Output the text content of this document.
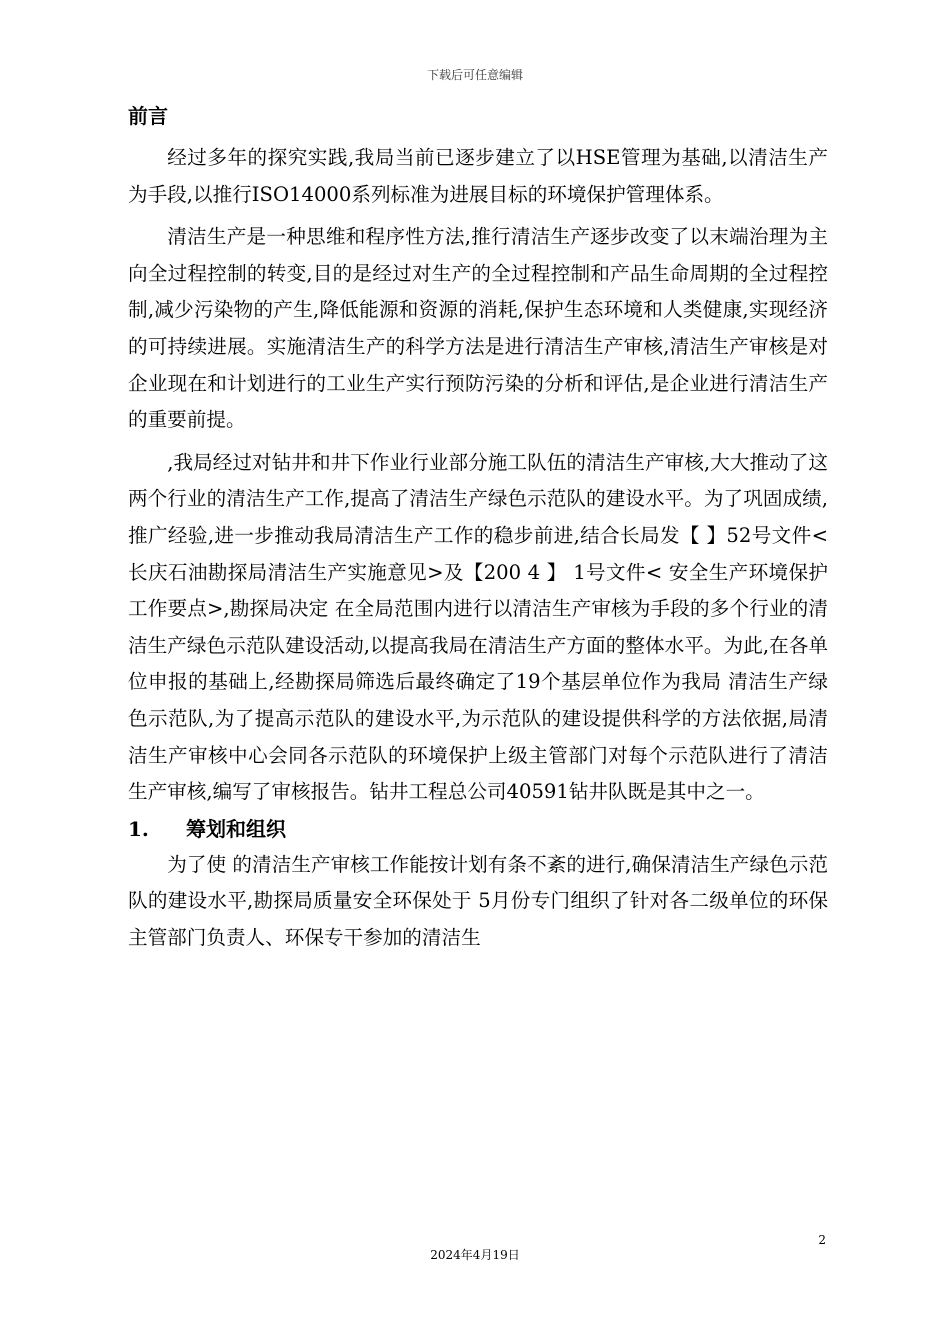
下载后可任意编辑
前言

经过多年的探究实践,我局当前已逐步建立了以HSE管理为基础,以清洁生产为手段,以推行ISO14000系列标准为进展目标的环境保护管理体系。

清洁生产是一种思维和程序性方法,推行清洁生产逐步改变了以末端治理为主向全过程控制的转变,目的是经过对生产的全过程控制和产品生命周期的全过程控制,减少污染物的产生,降低能源和资源的消耗,保护生态环境和人类健康,实现经济的可持续进展。实施清洁生产的科学方法是进行清洁生产审核,清洁生产审核是对企业现在和计划进行的工业生产实行预防污染的分析和评估,是企业进行清洁生产的重要前提。

,我局经过对钻井和井下作业行业部分施工队伍的清洁生产审核,大大推动了这两个行业的清洁生产工作,提高了清洁生产绿色示范队的建设水平。为了巩固成绩,推广经验,进一步推动我局清洁生产工作的稳步前进,结合长局发【 】52号文件<长庆石油勘探局清洁生产实施意见>及【200 4 】 1号文件< 安全生产环境保护工作要点>,勘探局决定 在全局范围内进行以清洁生产审核为手段的多个行业的清洁生产绿色示范队建设活动,以提高我局在清洁生产方面的整体水平。为此,在各单位申报的基础上,经勘探局筛选后最终确定了19个基层单位作为我局 清洁生产绿色示范队,为了提高示范队的建设水平,为示范队的建设提供科学的方法依据,局清洁生产审核中心会同各示范队的环境保护上级主管部门对每个示范队进行了清洁生产审核,编写了审核报告。钻井工程总公司40591钻井队既是其中之一。

1. 筹划和组织

为了使 的清洁生产审核工作能按计划有条不紊的进行,确保清洁生产绿色示范队的建设水平,勘探局质量安全环保处于 5月份专门组织了针对各二级单位的环保主管部门负责人、环保专干参加的清洁生

2
2024年4月19日
